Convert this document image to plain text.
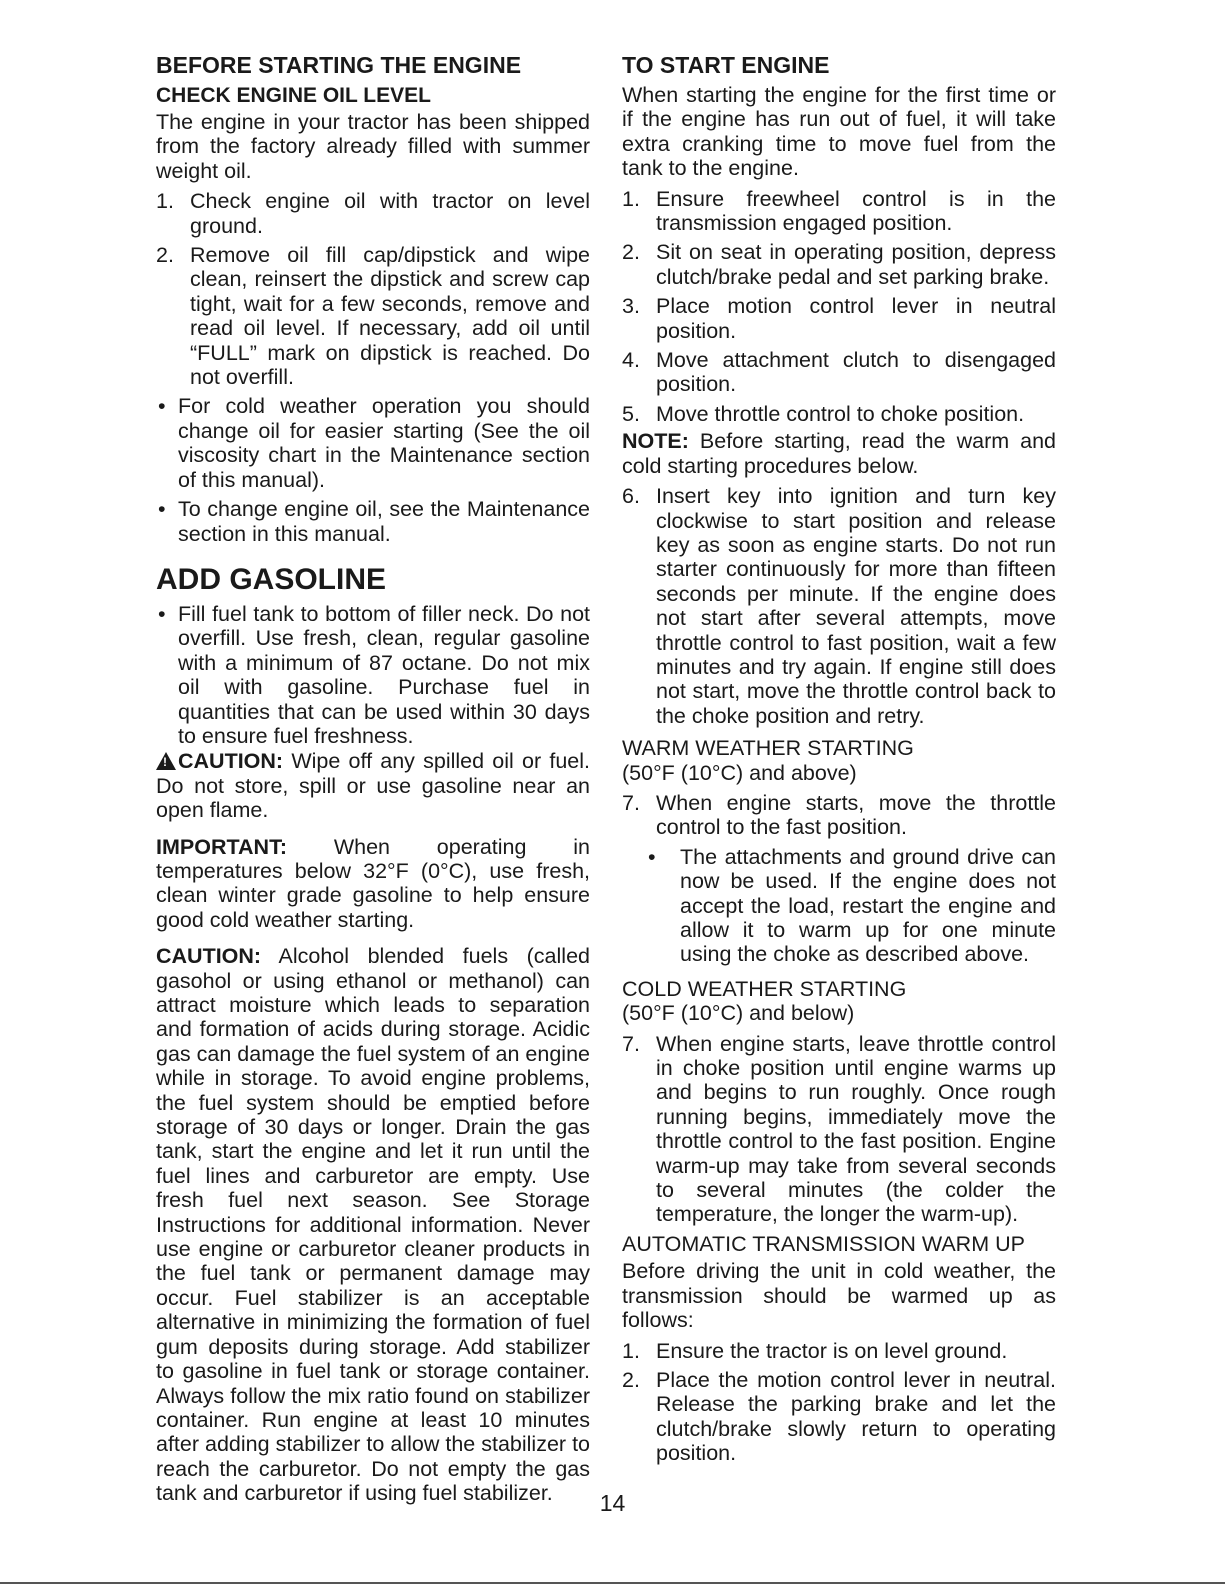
BEFORE STARTING THE ENGINE

CHECK ENGINE OIL LEVEL

The engine in your tractor has been shipped from the factory already filled with summer weight oil.

1. Check engine oil with tractor on level ground.
2. Remove oil fill cap/dipstick and wipe clean, reinsert the dipstick and screw cap tight, wait for a few seconds, remove and read oil level. If necessary, add oil until “FULL” mark on dipstick is reached. Do not overfill.
• For cold weather operation you should change oil for easier starting (See the oil viscosity chart in the Maintenance section of this manual).
• To change engine oil, see the Maintenance section in this manual.

ADD GASOLINE

• Fill fuel tank to bottom of filler neck. Do not overfill. Use fresh, clean, regular gasoline with a minimum of 87 octane. Do not mix oil with gasoline. Purchase fuel in quantities that can be used within 30 days to ensure fuel freshness.

!CAUTION: Wipe off any spilled oil or fuel. Do not store, spill or use gasoline near an open flame.

IMPORTANT: When operating in temperatures below 32°F (0°C), use fresh, clean winter grade gasoline to help ensure good cold weather starting.

CAUTION: Alcohol blended fuels (called gasohol or using ethanol or methanol) can attract moisture which leads to separation and formation of acids during storage. Acidic gas can damage the fuel system of an engine while in storage. To avoid engine problems, the fuel system should be emptied before storage of 30 days or longer. Drain the gas tank, start the engine and let it run until the fuel lines and carburetor are empty. Use fresh fuel next season. See Storage Instructions for additional information. Never use engine or carburetor cleaner products in the fuel tank or permanent damage may occur. Fuel stabilizer is an acceptable alternative in minimizing the formation of fuel gum deposits during storage. Add stabilizer to gasoline in fuel tank or storage container. Always follow the mix ratio found on stabilizer container. Run engine at least 10 minutes after adding stabilizer to allow the stabilizer to reach the carburetor. Do not empty the gas tank and carburetor if using fuel stabilizer.

TO START ENGINE

When starting the engine for the first time or if the engine has run out of fuel, it will take extra cranking time to move fuel from the tank to the engine.

1. Ensure freewheel control is in the transmission engaged position.
2. Sit on seat in operating position, depress clutch/brake pedal and set parking brake.
3. Place motion control lever in neutral position.
4. Move attachment clutch to disengaged position.
5. Move throttle control to choke position.

NOTE: Before starting, read the warm and cold starting procedures below.

6. Insert key into ignition and turn key clockwise to start position and release key as soon as engine starts. Do not run starter continuously for more than fifteen seconds per minute. If the engine does not start after several attempts, move throttle control to fast position, wait a few minutes and try again. If engine still does not start, move the throttle control back to the choke position and retry.

WARM WEATHER STARTING

(50°F (10°C) and above)

7. When engine starts, move the throttle control to the fast position.
• The attachments and ground drive can now be used. If the engine does not accept the load, restart the engine and allow it to warm up for one minute using the choke as described above.

COLD WEATHER STARTING

(50°F (10°C) and below)

7. When engine starts, leave throttle control in choke position until engine warms up and begins to run roughly. Once rough running begins, immediately move the throttle control to the fast position. Engine warm-up may take from several seconds to several minutes (the colder the temperature, the longer the warm-up).

AUTOMATIC TRANSMISSION WARM UP

Before driving the unit in cold weather, the transmission should be warmed up as follows:

1. Ensure the tractor is on level ground.
2. Place the motion control lever in neutral. Release the parking brake and let the clutch/brake slowly return to operating position.
14
